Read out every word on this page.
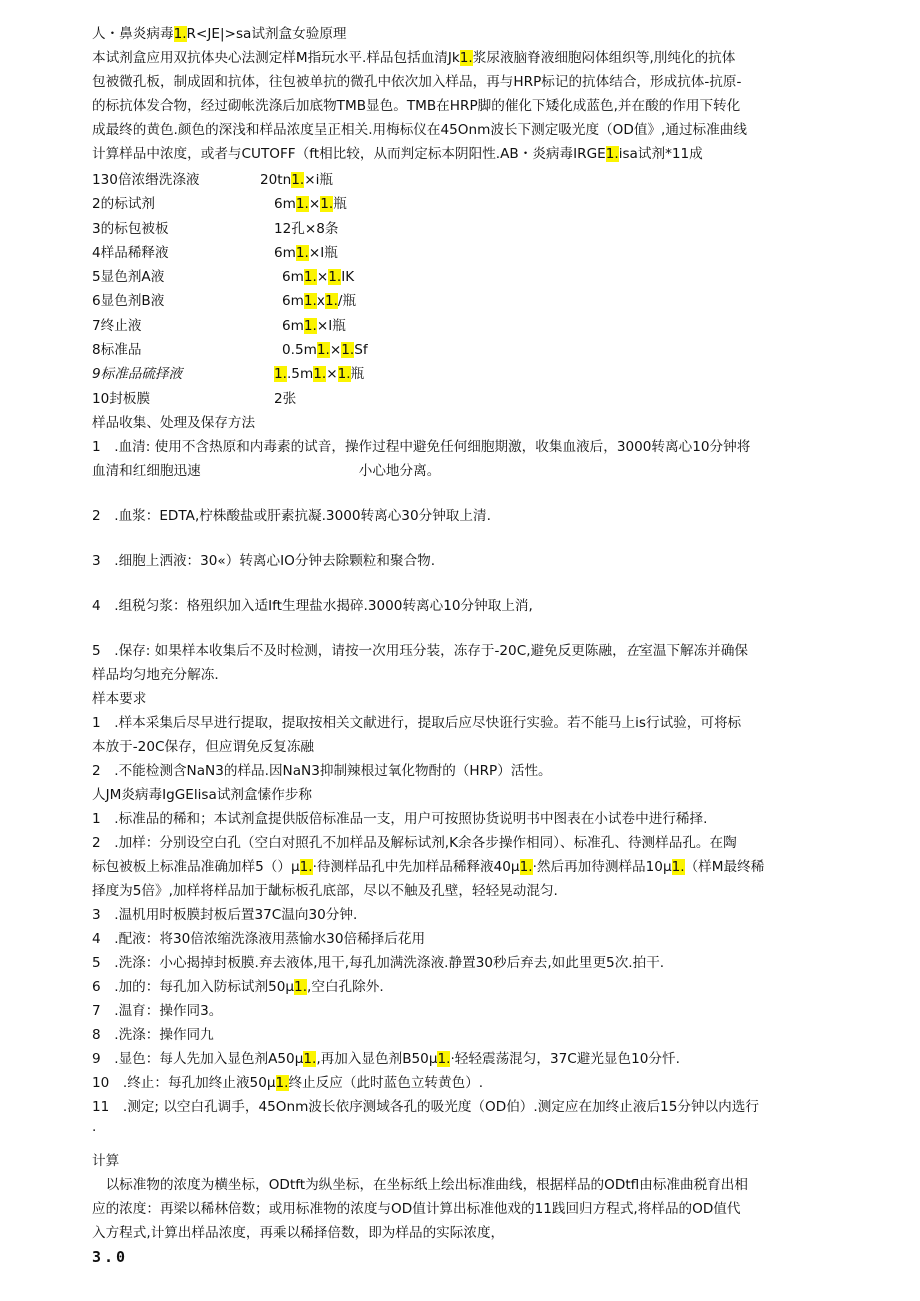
人・鼻炎病毒1.R<JE|>sa试剂盒女验原理
本试剂盒应用双抗体央心法测定样M指玩水平.样品包括血清Jk1.浆尿液脑脊液细胞闷体组织等,刖纯化的抗体
包被微孔板，制成固和抗体，往包被单抗的微孔中依次加入样品，再与HRP标记的抗体结合，形成抗体-抗原-
的标抗体发合物，经过砌帐洗涤后加底物TMB显色。TMB在HRP脚的催化下矮化成蓝色,并在酸的作用下转化
成最终的黄色.颜色的深浅和样品浓度呈正相关.用梅标仪在45Onm波长下测定吸光度（OD值》,通过标准曲线
计算样品中浓度，或者与CUTOFF（ft相比较，从而判定标本阴阳性.AB・炎病毒IRGE1.isa试剂*11成
130倍浓缗洗涤液	20tn1.×i瓶
2的标试剂	6m1.×1.瓶
3的标包被板	12孔×8条
4样品稀释液	6m1.×I瓶
5显色剂A液	6m1.×1.IK
6显色剂B液	6m1.x1./瓶
7终止液	6m1.×I瓶
8标准品	0.5m1.×1.Sf
9标准品硫择液	1..5m1.×1.瓶
10封板膜	2张
样品收集、处理及保存方法
1　.血清: 使用不含热原和内毒素的试音，操作过程中避免任何细胞期激，收集血液后，3000转离心10分钟将
血清和红细胞迅速	小心地分离。
2　.血浆：EDTA,柠株酸盐或肝素抗凝.3000转离心30分钟取上清.
3　.细胞上洒液：30«）转离心IO分钟去除颗粒和聚合物.
4　.组税匀浆：格殂织加入适Ift生理盐水揭碎.3000转离心10分钟取上消,
5　.保存: 如果样本收集后不及时检测，请按一次用珏分装，冻存于-20C,避免反更陈融，在室温下解冻并确保
样品均匀地充分解冻.
样本要求
1　.样本采集后尽早进行提取，提取按相关文献进行，提取后应尽快诳行实验。若不能马上is行试验，可将标
本放于-20C保存，但应谓免反复冻融
2　.不能检测含NaN3的样品.因NaN3抑制辣根过氧化物酎的（HRP）活性。
人JM炎病毒IgGElisa试剂盒愫作步称
1　.标准品的稀和；本试剂盒提供版倍标准品一支，用户可按照协货说明书中图表在小试卷中进行稀择.
2　.加样：分别设空白孔（空白对照孔不加样品及解标试剂,K余各步操作相同）、标准孔、待测样品孔。在陶
标包被板上标准品准确加样5（）μ1.·待测样品孔中先加样品稀释液40μ1.·然后再加待测样品10μ1.（样M最终稀
择度为5倍》,加样将样品加于龇标板孔底部，尽以不触及孔壁，轻轻晃动混匀.
3　.温机用时板膜封板后置37C温向30分钟.
4　.配液：将30倍浓缩洗涤液用蒸愉水30倍稀择后花用
5　.洗涤：小心揭掉封板膜.弃去液体,甩干,每孔加满洗涤液.静置30秒后弃去,如此里更5次.拍干.
6　.加的：每孔加入防标试剂50μ1.,空白孔除外.
7　.温育：操作同3。
8　.洗涤：操作同九
9　.显色：每人先加入显色剂A50μ1.,再加入显色剂B50μ1.·轻轻震荡混匀，37C避光显色10分忏.
10　.终止：每孔加终止液50μ1.终止反应（此时蓝色立转黄色）.
11　.测定; 以空白孔调手，45Onm波长依序测域各孔的吸光度（OD伯）.测定应在加终止液后15分钟以内选行
·
计算
　以标准物的浓度为横坐标，ODtft为纵坐标，在坐标纸上绘出标准曲线，根据样品的ODtfl由标准曲税育出相
应的浓度：再梁以稀林倍数；或用标准物的浓度与OD值计算出标准他戏的11践回归方程式,将样品的OD值代
入方程式,计算出样品浓度，再乘以稀择倍数，即为样品的实际浓度，
3.0
